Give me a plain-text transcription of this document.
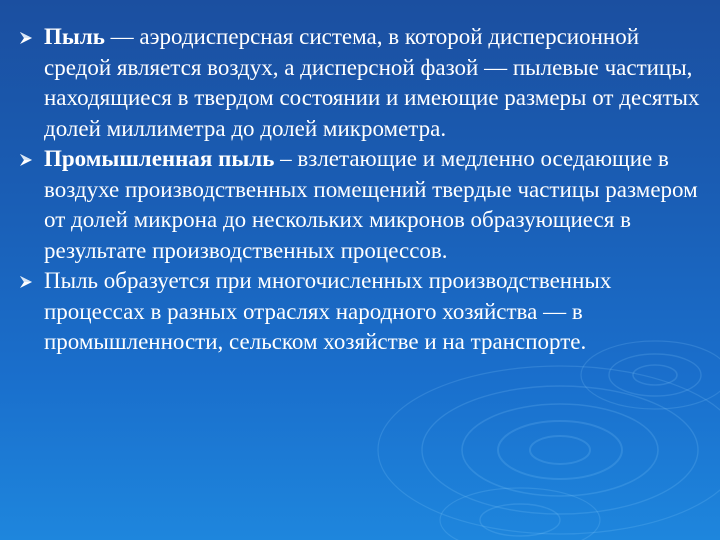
Пыль — аэродисперсная система, в которой дисперсионной средой является воздух, а дисперсной фазой — пылевые частицы, находящиеся в твердом состоянии и имеющие размеры от десятых долей миллиметра до долей микрометра.
Промышленная пыль – взлетающие и медленно оседающие в воздухе производственных помещений твердые частицы размером от долей микрона до нескольких микронов образующиеся в результате производственных процессов.
Пыль образуется при многочисленных производственных процессах в разных отраслях народного хозяйства — в промышленности, сельском хозяйстве и на транспорте.
